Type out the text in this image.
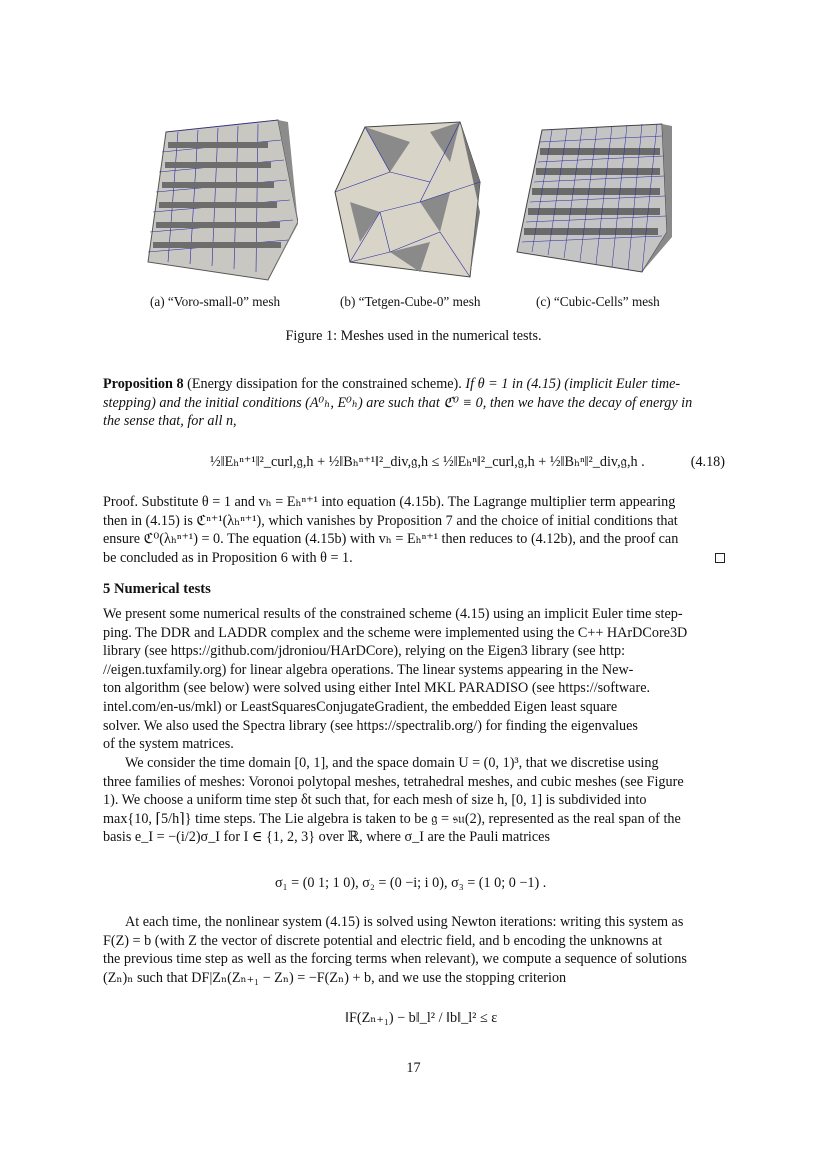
(a) “Voro-small-0” mesh	(b) “Tetgen-Cube-0” mesh	(c) “Cubic-Cells” mesh
Figure 1: Meshes used in the numerical tests.
Proposition 8 (Energy dissipation for the constrained scheme). If θ = 1 in (4.15) (implicit Euler time-
stepping) and the initial conditions (A⁰ₕ, E⁰ₕ) are such that ℭ⁰ ≡ 0, then we have the decay of energy in
the sense that, for all n,
½‖Eₕⁿ⁺¹‖²_curl,𝔤,h + ½‖Bₕⁿ⁺¹‖²_div,𝔤,h ≤ ½‖Eₕⁿ‖²_curl,𝔤,h + ½‖Bₕⁿ‖²_div,𝔤,h .	(4.18)
Proof. Substitute θ = 1 and vₕ = Eₕⁿ⁺¹ into equation (4.15b). The Lagrange multiplier term appearing
then in (4.15) is ℭⁿ⁺¹(λₕⁿ⁺¹), which vanishes by Proposition 7 and the choice of initial conditions that
ensure ℭ⁰(λₕⁿ⁺¹) = 0. The equation (4.15b) with vₕ = Eₕⁿ⁺¹ then reduces to (4.12b), and the proof can
be concluded as in Proposition 6 with θ = 1.
5 Numerical tests
We present some numerical results of the constrained scheme (4.15) using an implicit Euler time step-
ping. The DDR and LADDR complex and the scheme were implemented using the C++ HArDCore3D
library (see https://github.com/jdroniou/HArDCore), relying on the Eigen3 library (see http:
//eigen.tuxfamily.org) for linear algebra operations. The linear systems appearing in the New-
ton algorithm (see below) were solved using either Intel MKL PARADISO (see https://software.
intel.com/en-us/mkl) or LeastSquaresConjugateGradient, the embedded Eigen least square
solver. We also used the Spectra library (see https://spectralib.org/) for finding the eigenvalues
of the system matrices.
We consider the time domain [0, 1], and the space domain U = (0, 1)³, that we discretise using
three families of meshes: Voronoi polytopal meshes, tetrahedral meshes, and cubic meshes (see Figure
1). We choose a uniform time step δt such that, for each mesh of size h, [0, 1] is subdivided into
max{10, ⌈5/h⌉} time steps. The Lie algebra is taken to be 𝔤 = 𝔰𝔲(2), represented as the real span of the
basis e_I = −(i/2)σ_I for I ∈ {1, 2, 3} over ℝ, where σ_I are the Pauli matrices
σ₁ = (0 1; 1 0), σ₂ = (0 −i; i 0), σ₃ = (1 0; 0 −1) .
At each time, the nonlinear system (4.15) is solved using Newton iterations: writing this system as
F(Z) = b (with Z the vector of discrete potential and electric field, and b encoding the unknowns at
the previous time step as well as the forcing terms when relevant), we compute a sequence of solutions
(Zₙ)ₙ such that DF|Zₙ(Zₙ₊₁ − Zₙ) = −F(Zₙ) + b, and we use the stopping criterion
‖F(Zₙ₊₁) − b‖_l² / ‖b‖_l² ≤ ε
17
